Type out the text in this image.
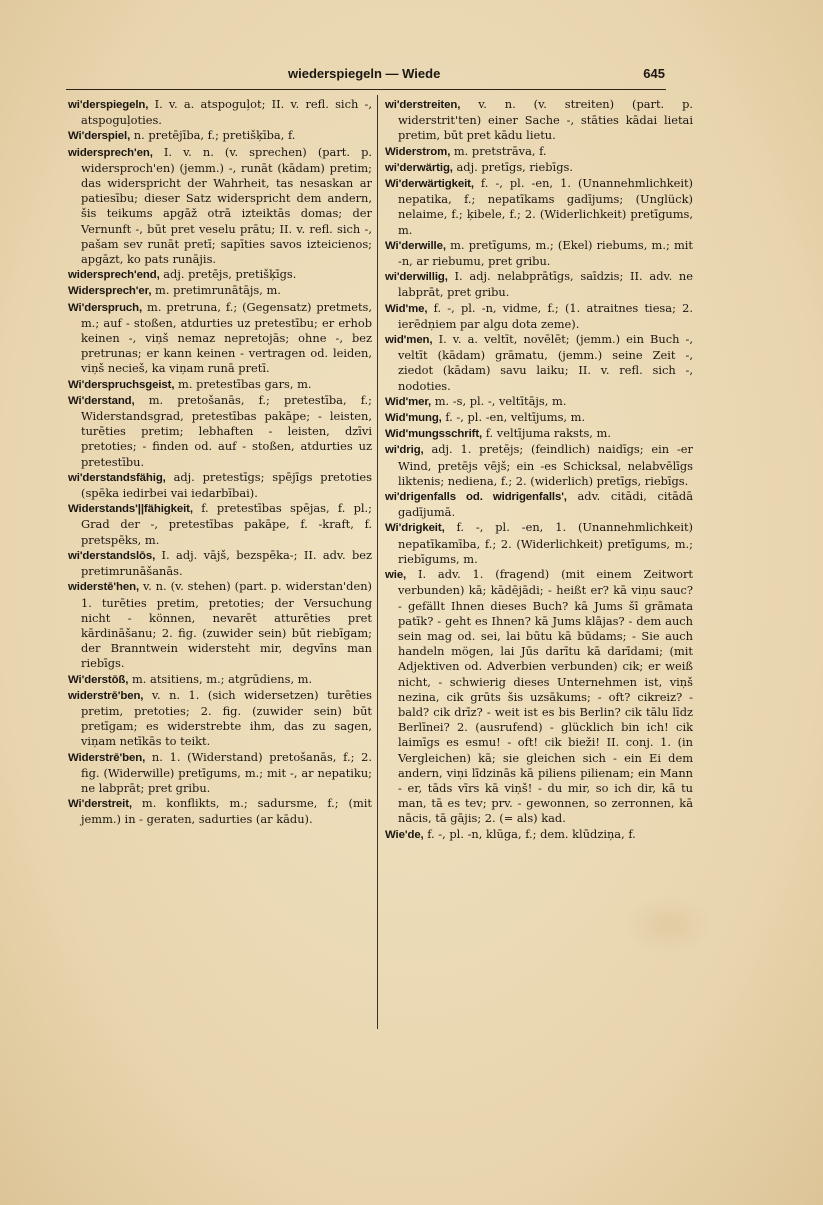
wiederspiegeln — Wiede	645

wi'derspiegeln, I. v. a. atspoguļot; II. v. refl. sich -, atspoguļoties.

Wi'derspiel, n. pretējība, f.; pretišķība, f.

widersprech'en, I. v. n. (v. sprechen) (part. p. widersproch'en) (jemm.) -, runāt (kādam) pretim; das widerspricht der Wahrheit, tas nesaskan ar patiesību; dieser Satz widerspricht dem andern, šis teikums apgāž otrā izteiktās domas; der Vernunft -, būt pret veselu prātu; II. v. refl. sich -, pašam sev runāt pretī; sapīties savos izteicienos; apgāzt, ko pats runājis.

widersprech'end, adj. pretējs, pretišķīgs.

Widersprech'er, m. pretimrunātājs, m.

Wi'derspruch, m. pretruna, f.; (Gegensatz) pretmets, m.; auf - stoßen, atdurties uz pretestību; er erhob keinen -, viņš nemaz nepretojās; ohne -, bez pretrunas; er kann keinen - vertragen od. leiden, viņš necieš, ka viņam runā pretī.

Wi'derspruchsgeist, m. pretestības gars, m.

Wi'derstand, m. pretošanās, f.; pretestība, f.; Widerstandsgrad, pretestības pakāpe; - leisten, turēties pretim; lebhaften - leisten, dzīvi pretoties; - finden od. auf - stoßen, atdurties uz pretestību.

wi'derstandsfähig, adj. pretestīgs; spējīgs pretoties (spēka iedirbei vai iedarbībai).

Widerstands'||fähigkeit, f. pretestības spējas, f. pl.; Grad der -, pretestības pakāpe, f. -kraft, f. pretspēks, m.

wi'derstandslōs, I. adj. vājš, bezspēka-; II. adv. bez pretimrunāšanās.

widerstē'hen, v. n. (v. stehen) (part. p. widerstan'den) 1. turēties pretim, pretoties; der Versuchung nicht - können, nevarēt atturēties pret kārdināšanu; 2. fig. (zuwider sein) būt riebīgam; der Branntwein widersteht mir, degvīns man riebīgs.

Wi'derstōß, m. atsitiens, m.; atgrūdiens, m.

widerstrē'ben, v. n. 1. (sich widersetzen) turēties pretim, pretoties; 2. fig. (zuwider sein) būt pretīgam; es widerstrebte ihm, das zu sagen, viņam netīkās to teikt.

Widerstrē'ben, n. 1. (Widerstand) pretošanās, f.; 2. fig. (Widerwille) pretīgums, m.; mit -, ar nepatiku; ne labprāt; pret gribu.

Wi'derstreit, m. konflikts, m.; sadursme, f.; (mit jemm.) in - geraten, sadurties (ar kādu).

wi'derstreiten, v. n. (v. streiten) (part. p. widerstrit'ten) einer Sache -, stāties kādai lietai pretim, būt pret kādu lietu.

Widerstrom, m. pretstrāva, f.

wi'derwärtig, adj. pretīgs, riebīgs.

Wi'derwärtigkeit, f. -, pl. -en, 1. (Unannehmlichkeit) nepatika, f.; nepatīkams gadījums; (Unglück) nelaime, f.; ķibele, f.; 2. (Widerlichkeit) pretīgums, m.

Wi'derwille, m. pretīgums, m.; (Ekel) riebums, m.; mit -n, ar riebumu, pret gribu.

wi'derwillig, I. adj. nelabprātīgs, saīdzis; II. adv. ne labprāt, pret gribu.

Wid'me, f. -, pl. -n, vidme, f.; (1. atraitnes tiesa; 2. ierēdņiem par algu dota zeme).

wid'men, I. v. a. veltīt, novēlēt; (jemm.) ein Buch -, veltīt (kādam) grāmatu, (jemm.) seine Zeit -, ziedot (kādam) savu laiku; II. v. refl. sich -, nodoties.

Wid'mer, m. -s, pl. -, veltītājs, m.

Wid'mung, f. -, pl. -en, veltījums, m.

Wid'mungsschrift, f. veltījuma raksts, m.

wi'drig, adj. 1. pretējs; (feindlich) naidīgs; ein -er Wind, pretējs vējš; ein -es Schicksal, nelabvēlīgs liktenis; nediena, f.; 2. (widerlich) pretīgs, riebīgs.

wi'drigenfalls od. widrigenfalls', adv. citādi, citādā gadījumā.

Wi'drigkeit, f. -, pl. -en, 1. (Unannehmlichkeit) nepatīkamība, f.; 2. (Widerlichkeit) pretīgums, m.; riebīgums, m.

wie, I. adv. 1. (fragend) (mit einem Zeitwort verbunden) kā; kādējādi; - heißt er? kā viņu sauc? - gefällt Ihnen dieses Buch? kā Jums šī grāmata patīk? - geht es Ihnen? kā Jums klājas? - dem auch sein mag od. sei, lai būtu kā būdams; - Sie auch handeln mögen, lai Jūs darītu kā darīdami; (mit Adjektiven od. Adverbien verbunden) cik; er weiß nicht, - schwierig dieses Unternehmen ist, viņš nezina, cik grūts šis uzsākums; - oft? cikreiz? - bald? cik drīz? - weit ist es bis Berlin? cik tālu līdz Berlīnei? 2. (ausrufend) - glücklich bin ich! cik laimīgs es esmu! - oft! cik bieži! II. conj. 1. (in Vergleichen) kā; sie gleichen sich - ein Ei dem andern, viņi līdzinās kā piliens pilienam; ein Mann - er, tāds vīrs kā viņš! - du mir, so ich dir, kā tu man, tā es tev; prv. - gewonnen, so zerronnen, kā nācis, tā gājis; 2. (= als) kad.

Wie'de, f. -, pl. -n, klūga, f.; dem. klūdziņa, f.
